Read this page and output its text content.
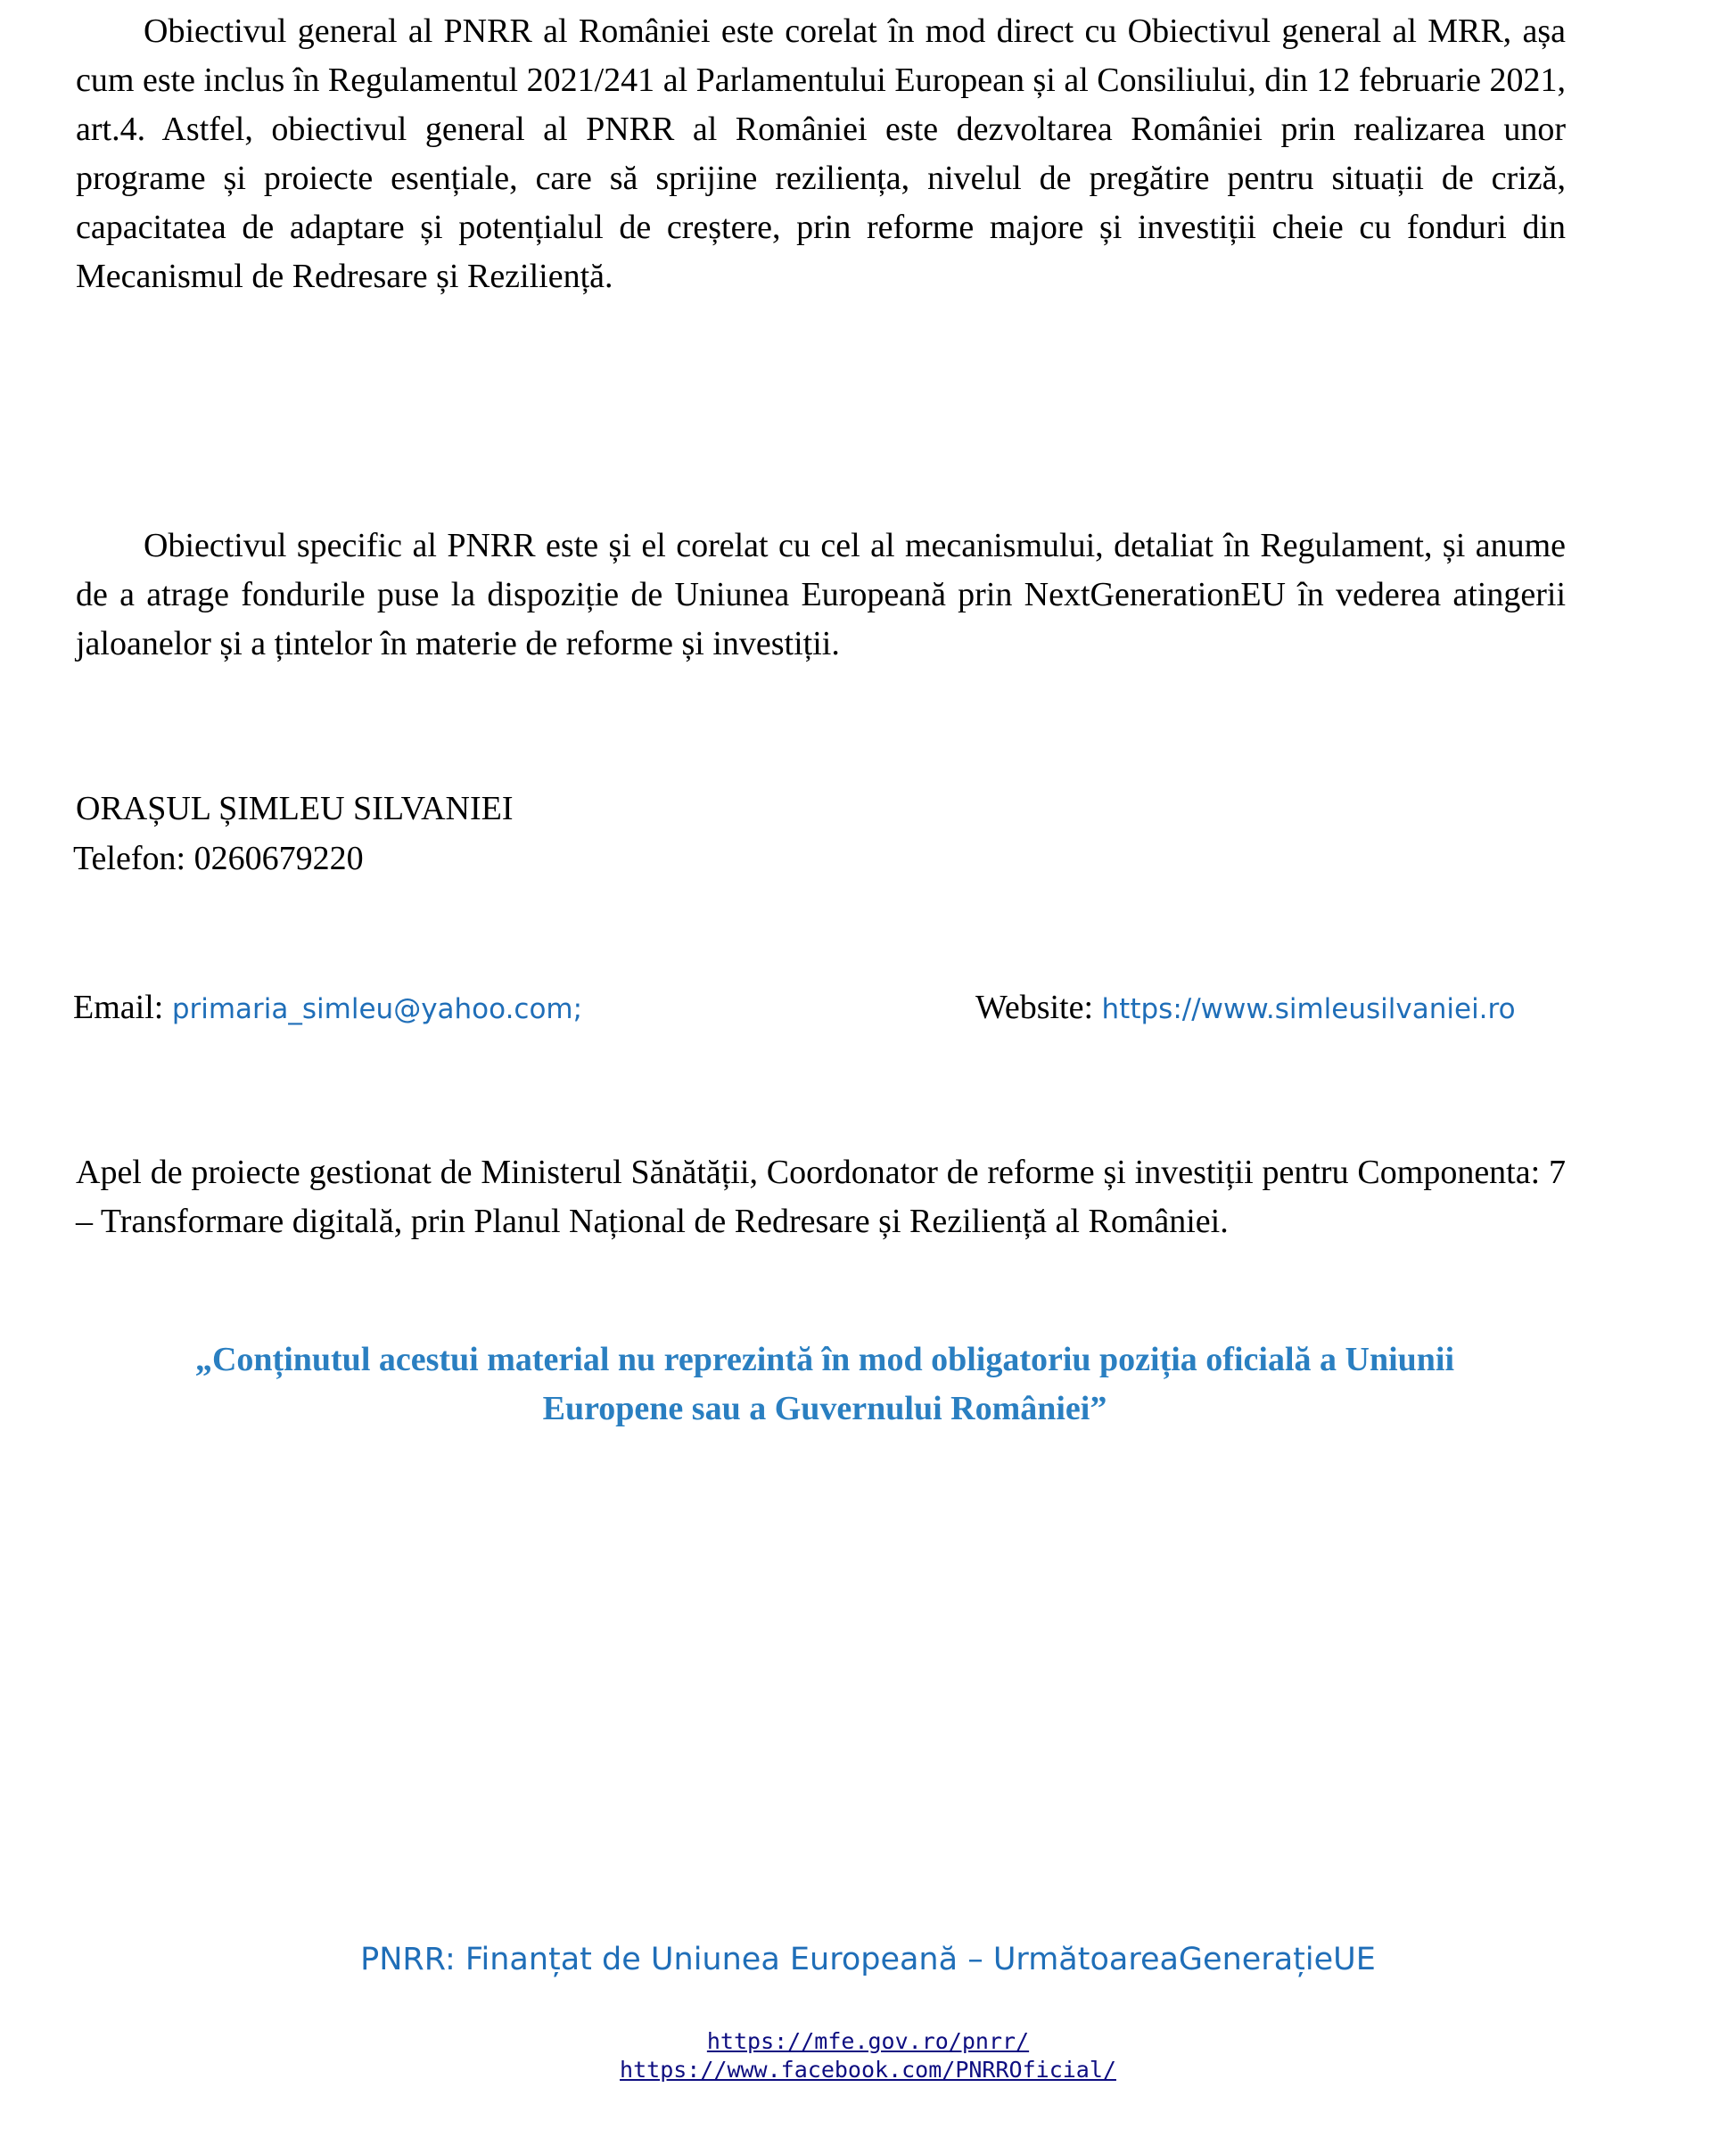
Obiectivul general al PNRR al României este corelat în mod direct cu Obiectivul general al MRR, așa cum este inclus în Regulamentul 2021/241 al Parlamentului European și al Consiliului, din 12 februarie 2021, art.4. Astfel, obiectivul general al PNRR al României este dezvoltarea României prin realizarea unor programe și proiecte esențiale, care să sprijine reziliența, nivelul de pregătire pentru situații de criză, capacitatea de adaptare și potențialul de creștere, prin reforme majore și investiții cheie cu fonduri din Mecanismul de Redresare și Reziliență.

Obiectivul specific al PNRR este și el corelat cu cel al mecanismului, detaliat în Regulament, și anume de a atrage fondurile puse la dispoziție de Uniunea Europeană prin NextGenerationEU în vederea atingerii jaloanelor și a țintelor în materie de reforme și investiții.

ORAȘUL ȘIMLEU SILVANIEI

Telefon: 0260679220

Email: primaria_simleu@yahoo.com;	Website: https://www.simleusilvaniei.ro

Apel de proiecte gestionat de Ministerul Sănătății, Coordonator de reforme și investiții pentru Componenta: 7 – Transformare digitală, prin Planul Național de Redresare și Reziliență al României.

„Conținutul acestui material nu reprezintă în mod obligatoriu poziția oficială a Uniunii
Europene sau a Guvernului României”

PNRR: Finanțat de Uniunea Europeană – UrmătoareaGenerațieUE

https://mfe.gov.ro/pnrr/

https://www.facebook.com/PNRROficial/
